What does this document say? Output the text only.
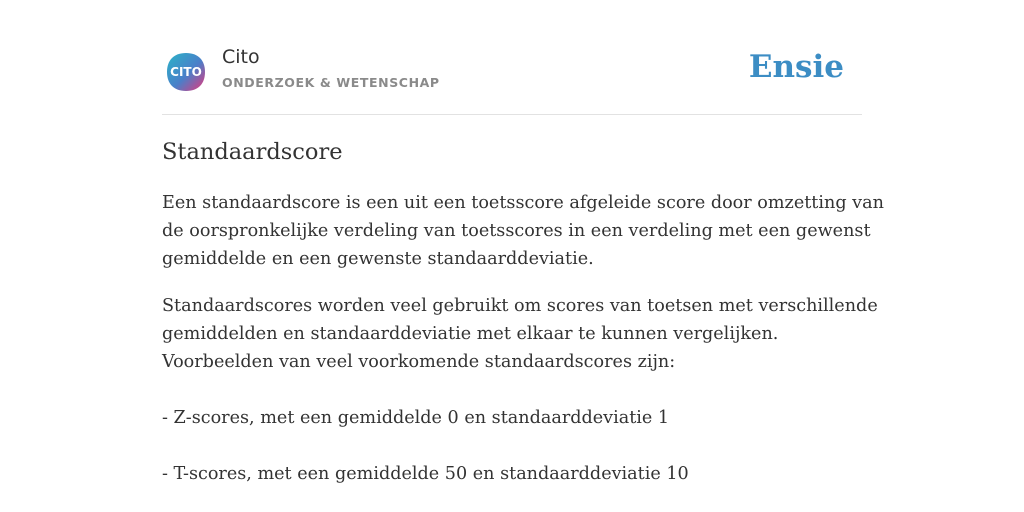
CITO
Cito
ONDERZOEK & WETENSCHAP	Ensie
Standaardscore
Een standaardscore is een uit een toetsscore afgeleide score door omzetting van
de oorspronkelijke verdeling van toetsscores in een verdeling met een gewenst
gemiddelde en een gewenste standaarddeviatie.
Standaardscores worden veel gebruikt om scores van toetsen met verschillende
gemiddelden en standaarddeviatie met elkaar te kunnen vergelijken.
Voorbeelden van veel voorkomende standaardscores zijn:
- Z-scores, met een gemiddelde 0 en standaarddeviatie 1
- T-scores, met een gemiddelde 50 en standaarddeviatie 10
